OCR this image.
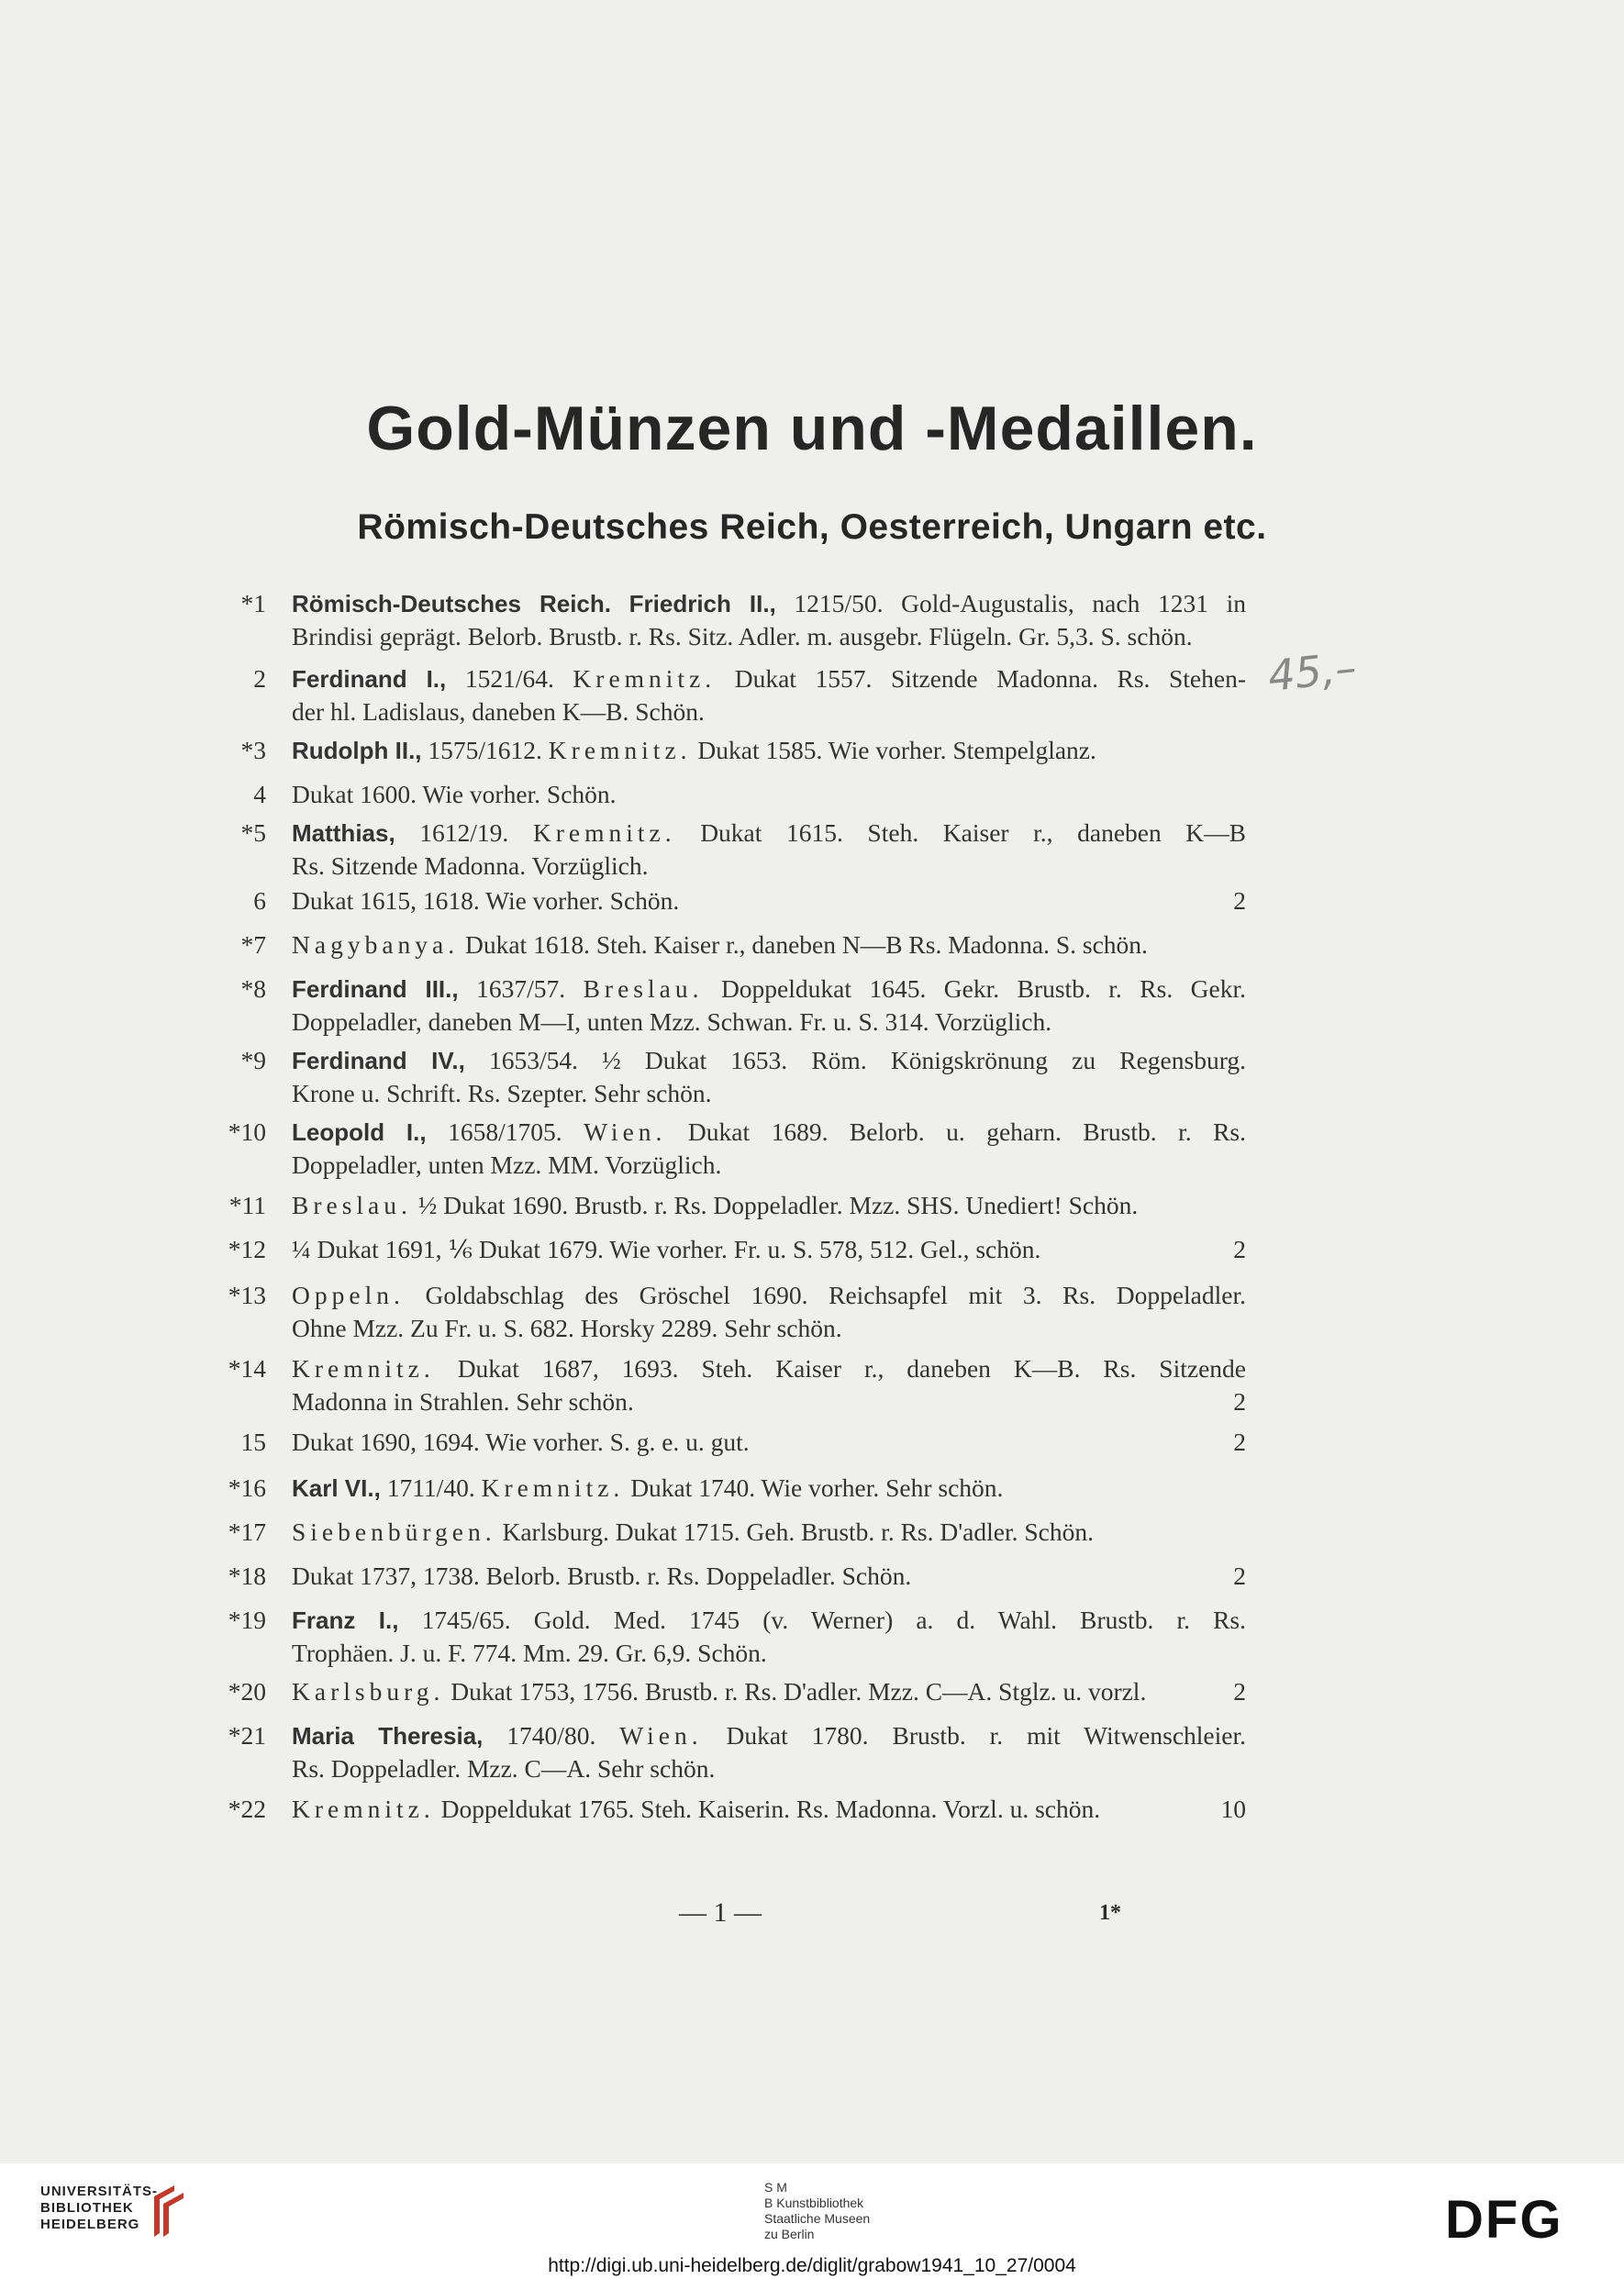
Gold-Münzen und -Medaillen.
Römisch-Deutsches Reich, Oesterreich, Ungarn etc.
*1 Römisch-Deutsches Reich. Friedrich II., 1215/50. Gold-Augustalis, nach 1231 in
Brindisi geprägt. Belorb. Brustb. r. Rs. Sitz. Adler. m. ausgebr. Flügeln. Gr. 5,3. S. schön.
2 Ferdinand I., 1521/64. Kremnitz. Dukat 1557. Sitzende Madonna. Rs. Stehen-
der hl. Ladislaus, daneben K—B. Schön.
*3 Rudolph II., 1575/1612. Kremnitz. Dukat 1585. Wie vorher. Stempelglanz.
4 Dukat 1600. Wie vorher. Schön.
*5 Matthias, 1612/19. Kremnitz. Dukat 1615. Steh. Kaiser r., daneben K—B
Rs. Sitzende Madonna. Vorzüglich.
6 Dukat 1615, 1618. Wie vorher. Schön.	2
*7 Nagybanya. Dukat 1618. Steh. Kaiser r., daneben N—B Rs. Madonna. S. schön.
*8 Ferdinand III., 1637/57. Breslau. Doppeldukat 1645. Gekr. Brustb. r. Rs. Gekr.
Doppeladler, daneben M—I, unten Mzz. Schwan. Fr. u. S. 314. Vorzüglich.
*9 Ferdinand IV., 1653/54. ½ Dukat 1653. Röm. Königskrönung zu Regensburg.
Krone u. Schrift. Rs. Szepter. Sehr schön.
*10 Leopold I., 1658/1705. Wien. Dukat 1689. Belorb. u. geharn. Brustb. r. Rs.
Doppeladler, unten Mzz. MM. Vorzüglich.
*11 Breslau. ½ Dukat 1690. Brustb. r. Rs. Doppeladler. Mzz. SHS. Unediert! Schön.
*12 ¼ Dukat 1691, ⅙ Dukat 1679. Wie vorher. Fr. u. S. 578, 512. Gel., schön.	2
*13 Oppeln. Goldabschlag des Gröschel 1690. Reichsapfel mit 3. Rs. Doppeladler.
Ohne Mzz. Zu Fr. u. S. 682. Horsky 2289. Sehr schön.
*14 Kremnitz. Dukat 1687, 1693. Steh. Kaiser r., daneben K—B. Rs. Sitzende
Madonna in Strahlen. Sehr schön.	2
15 Dukat 1690, 1694. Wie vorher. S. g. e. u. gut.	2
*16 Karl VI., 1711/40. Kremnitz. Dukat 1740. Wie vorher. Sehr schön.
*17 Siebenbürgen. Karlsburg. Dukat 1715. Geh. Brustb. r. Rs. D'adler. Schön.
*18 Dukat 1737, 1738. Belorb. Brustb. r. Rs. Doppeladler. Schön.	2
*19 Franz I., 1745/65. Gold. Med. 1745 (v. Werner) a. d. Wahl. Brustb. r. Rs.
Trophäen. J. u. F. 774. Mm. 29. Gr. 6,9. Schön.
*20 Karlsburg. Dukat 1753, 1756. Brustb. r. Rs. D'adler. Mzz. C—A. Stglz. u. vorzl.	2
*21 Maria Theresia, 1740/80. Wien. Dukat 1780. Brustb. r. mit Witwenschleier.
Rs. Doppeladler. Mzz. C—A. Sehr schön.
*22 Kremnitz. Doppeldukat 1765. Steh. Kaiserin. Rs. Madonna. Vorzl. u. schön.	10
45,–
— 1 —	1*
UNIVERSITÄTS-
BIBLIOTHEK
HEIDELBERG
S M
B Kunstbibliothek
Staatliche Museen
zu Berlin	DFG
http://digi.ub.uni-heidelberg.de/diglit/grabow1941_10_27/0004
